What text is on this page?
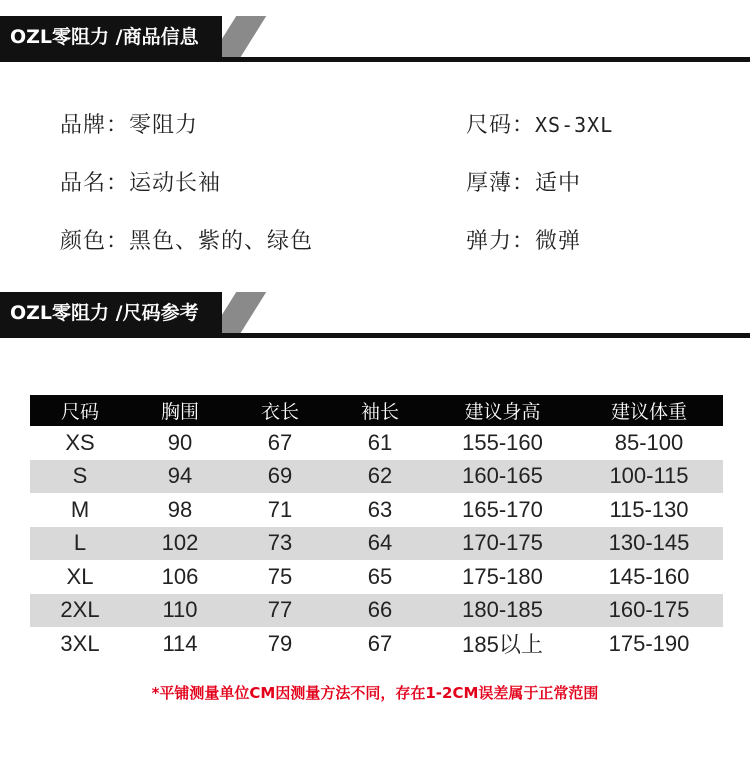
OZL零阻力 /商品信息
品牌：零阻力	尺码：XS-3XL
品名：运动长袖	厚薄：适中
颜色：黑色、紫的、绿色	弹力：微弹
OZL零阻力 /尺码参考
尺码	胸围	衣长	袖长	建议身高	建议体重
XS	90	67	61	155-160	85-100
S	94	69	62	160-165	100-115
M	98	71	63	165-170	115-130
L	102	73	64	170-175	130-145
XL	106	75	65	175-180	145-160
2XL	110	77	66	180-185	160-175
3XL	114	79	67	185以上	175-190
*平铺测量单位CM因测量方法不同，存在1-2CM误差属于正常范围
